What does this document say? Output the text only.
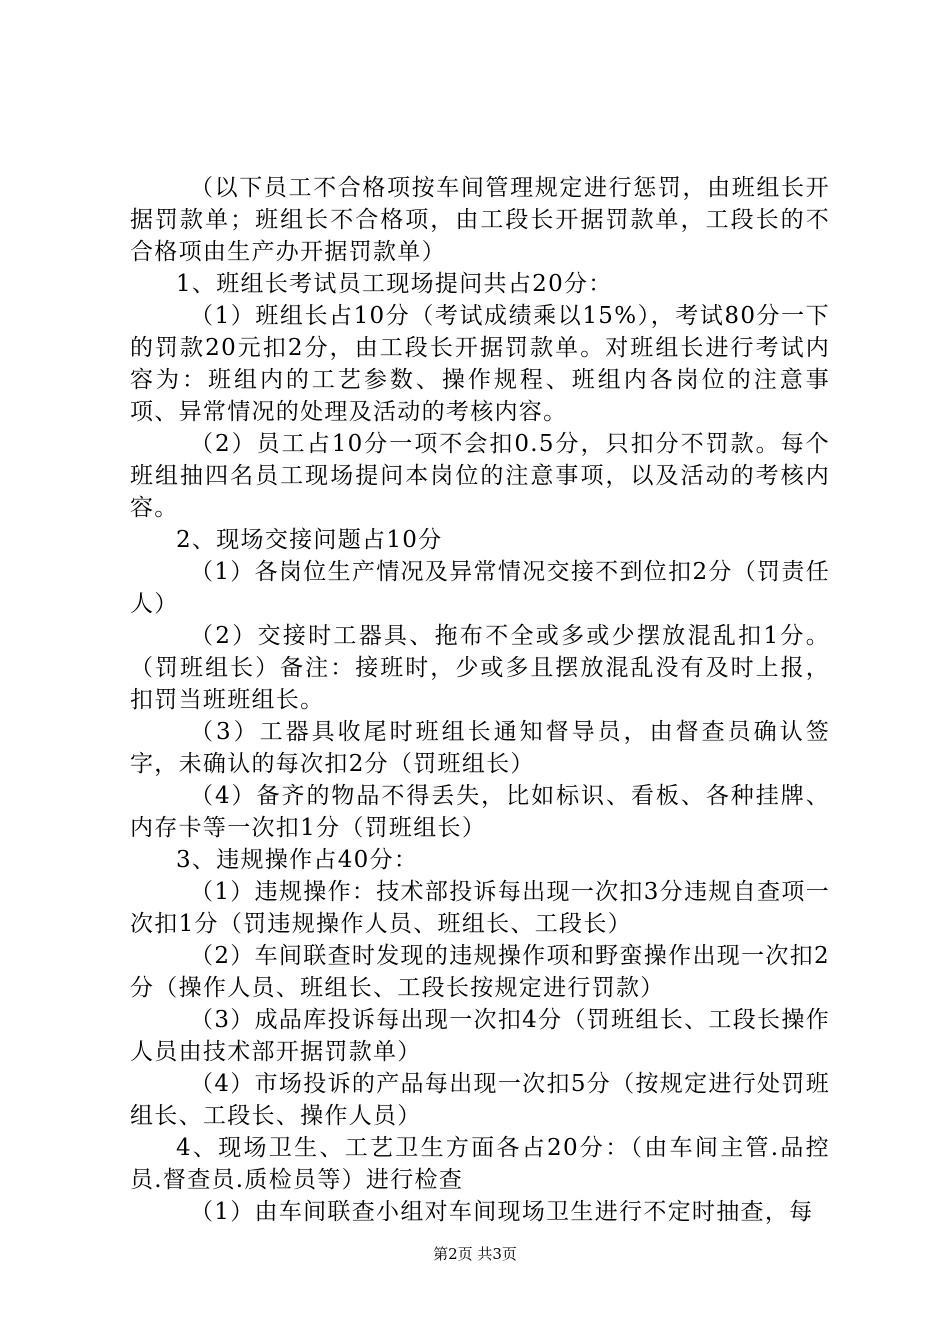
（以下员工不合格项按车间管理规定进行惩罚，由班组长开据罚款单；班组长不合格项，由工段长开据罚款单，工段长的不合格项由生产办开据罚款单）

1、班组长考试员工现场提问共占20分：

（1）班组长占10分（考试成绩乘以15%），考试80分一下的罚款20元扣2分，由工段长开据罚款单。对班组长进行考试内容为：班组内的工艺参数、操作规程、班组内各岗位的注意事项、异常情况的处理及活动的考核内容。

（2）员工占10分一项不会扣0.5分，只扣分不罚款。每个班组抽四名员工现场提问本岗位的注意事项，以及活动的考核内容。

2、现场交接问题占10分

（1）各岗位生产情况及异常情况交接不到位扣2分（罚责任人）

（2）交接时工器具、拖布不全或多或少摆放混乱扣1分。（罚班组长）备注：接班时，少或多且摆放混乱没有及时上报，扣罚当班班组长。

（3）工器具收尾时班组长通知督导员，由督查员确认签字，未确认的每次扣2分（罚班组长）

（4）备齐的物品不得丢失，比如标识、看板、各种挂牌、内存卡等一次扣1分（罚班组长）

3、违规操作占40分：

（1）违规操作：技术部投诉每出现一次扣3分违规自查项一次扣1分（罚违规操作人员、班组长、工段长）

（2）车间联查时发现的违规操作项和野蛮操作出现一次扣2分（操作人员、班组长、工段长按规定进行罚款）

（3）成品库投诉每出现一次扣4分（罚班组长、工段长操作人员由技术部开据罚款单）

（4）市场投诉的产品每出现一次扣5分（按规定进行处罚班组长、工段长、操作人员）

4、现场卫生、工艺卫生方面各占20分：（由车间主管.品控员.督查员.质检员等）进行检查

（1）由车间联查小组对车间现场卫生进行不定时抽查，每

第2页 共3页
